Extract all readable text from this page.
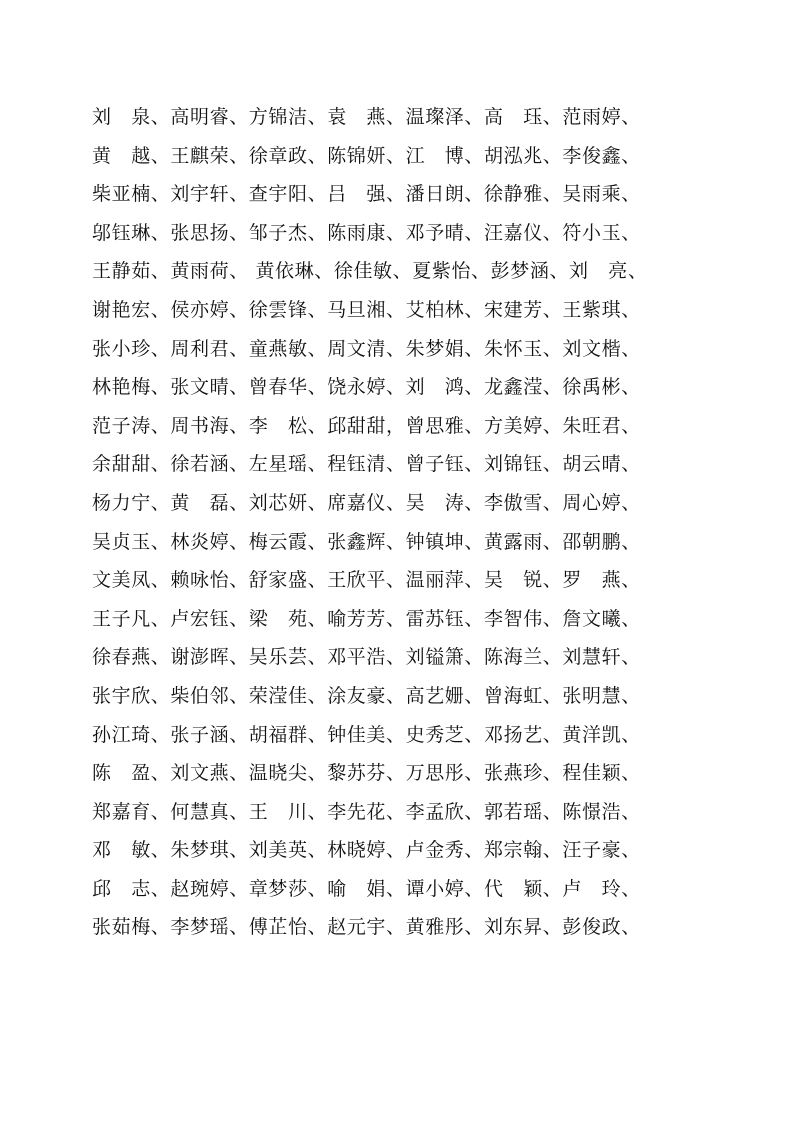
刘　泉、高明睿、方锦洁、袁　燕、温璨泽、高　珏、范雨婷、
黄　越、王麒荣、徐章政、陈锦妍、江　博、胡泓兆、李俊鑫、
柴亚楠、刘宇轩、查宇阳、吕　强、潘日朗、徐静雅、吴雨乘、
邬钰琳、张思扬、邹子杰、陈雨康、邓予晴、汪嘉仪、符小玉、
王静茹、黄雨荷、 黄依琳、徐佳敏、夏紫怡、彭梦涵、刘　亮、
谢艳宏、侯亦婷、徐雲锋、马旦湘、艾柏林、宋建芳、王紫琪、
张小珍、周利君、童燕敏、周文清、朱梦娟、朱怀玉、刘文楷、
林艳梅、张文晴、曾春华、饶永婷、刘　鸿、龙鑫滢、徐禹彬、
范子涛、周书海、李　松、邱甜甜，曾思雅、方美婷、朱旺君、
余甜甜、徐若涵、左星瑶、程钰清、曾子钰、刘锦钰、胡云晴、
杨力宁、黄　磊、刘芯妍、席嘉仪、吴　涛、李傲雪、周心婷、
吴贞玉、林炎婷、梅云霞、张鑫辉、钟镇坤、黄露雨、邵朝鹏、
文美凤、赖咏怡、舒家盛、王欣平、温丽萍、吴　锐、罗　燕、
王子凡、卢宏钰、梁　苑、喻芳芳、雷苏钰、李智伟、詹文曦、
徐春燕、谢澎晖、吴乐芸、邓平浩、刘镒箫、陈海兰、刘慧轩、
张宇欣、柴伯邻、荣滢佳、涂友豪、高艺姗、曾海虹、张明慧、
孙江琦、张子涵、胡福群、钟佳美、史秀芝、邓扬艺、黄洋凯、
陈　盈、刘文燕、温晓尖、黎苏芬、万思彤、张燕珍、程佳颖、
郑嘉育、何慧真、王　川、李先花、李孟欣、郭若瑶、陈憬浩、
邓　敏、朱梦琪、刘美英、林晓婷、卢金秀、郑宗翰、汪子豪、
邱　志、赵琬婷、章梦莎、喻　娟、谭小婷、代　颖、卢　玲、
张茹梅、李梦瑶、傅芷怡、赵元宇、黄雅彤、刘东昇、彭俊政、
